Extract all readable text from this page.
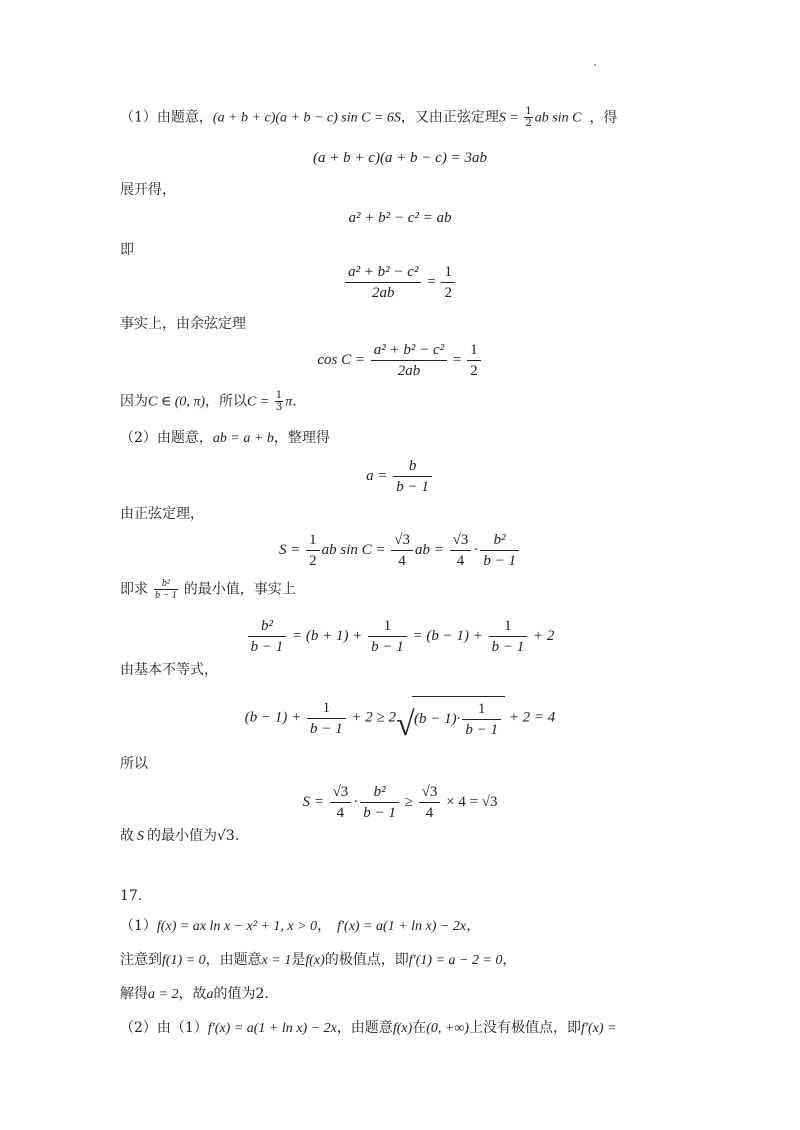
（1）由题意，(a + b + c)(a + b − c) sin C = 6S，又由正弦定理$S = \frac{1}{2}$ ab sin C ，得
(a + b + c)(a + b − c) = 3ab
展开得，
a² + b² − c² = ab
即
$\frac{\text{a² + b² − c²}}{2ab} = \frac{1}{2}$
事实上，由余弦定理
$\cos C = \frac{\text{a² + b² − c²}}{2ab} = \frac{1}{2}$
因为C ∈ (0, π)，所以$C = \frac{1}{3} \pi$.
（2）由题意，ab = a + b，整理得
$a = \frac{b}{b - 1}$
由正弦定理，
$S = \frac{1}{2}$ ab $\sin C = \frac{√3}{4}$ ab = $\frac{√3}{4} \cdot \frac{\text{b²}}{b - 1}$
即求 $\frac{\text{b²}}{b - 1}$ 的最小值，事实上
$\frac{\text{b²}}{b - 1} = (b + 1) + \frac{1}{b - 1} = (b - 1) + \frac{1}{b - 1} + 2$
由基本不等式，
$(b - 1) + \frac{1}{b - 1} + 2 \ge 2$ √ $(b - 1)\cdot \frac{1}{b - 1} + 2 = 4$
所以
$S = \frac{√3}{4} \cdot \frac{\text{b²}}{b - 1} \ge \frac{√3}{4} \times 4 = √3$
故 S 的最小值为√3.
17.
（1）f(x) = ax ln x − x² + 1, x > 0， f′(x) = a(1 + ln x) − 2x，
注意到f(1) = 0，由题意x = 1是f(x)的极值点，即f′(1) = a − 2 = 0，
解得a = 2，故a的值为2.
（2）由（1）f′(x) = a(1 + ln x) − 2x，由题意f(x)在(0, +∞)上没有极值点，即f′(x) =
